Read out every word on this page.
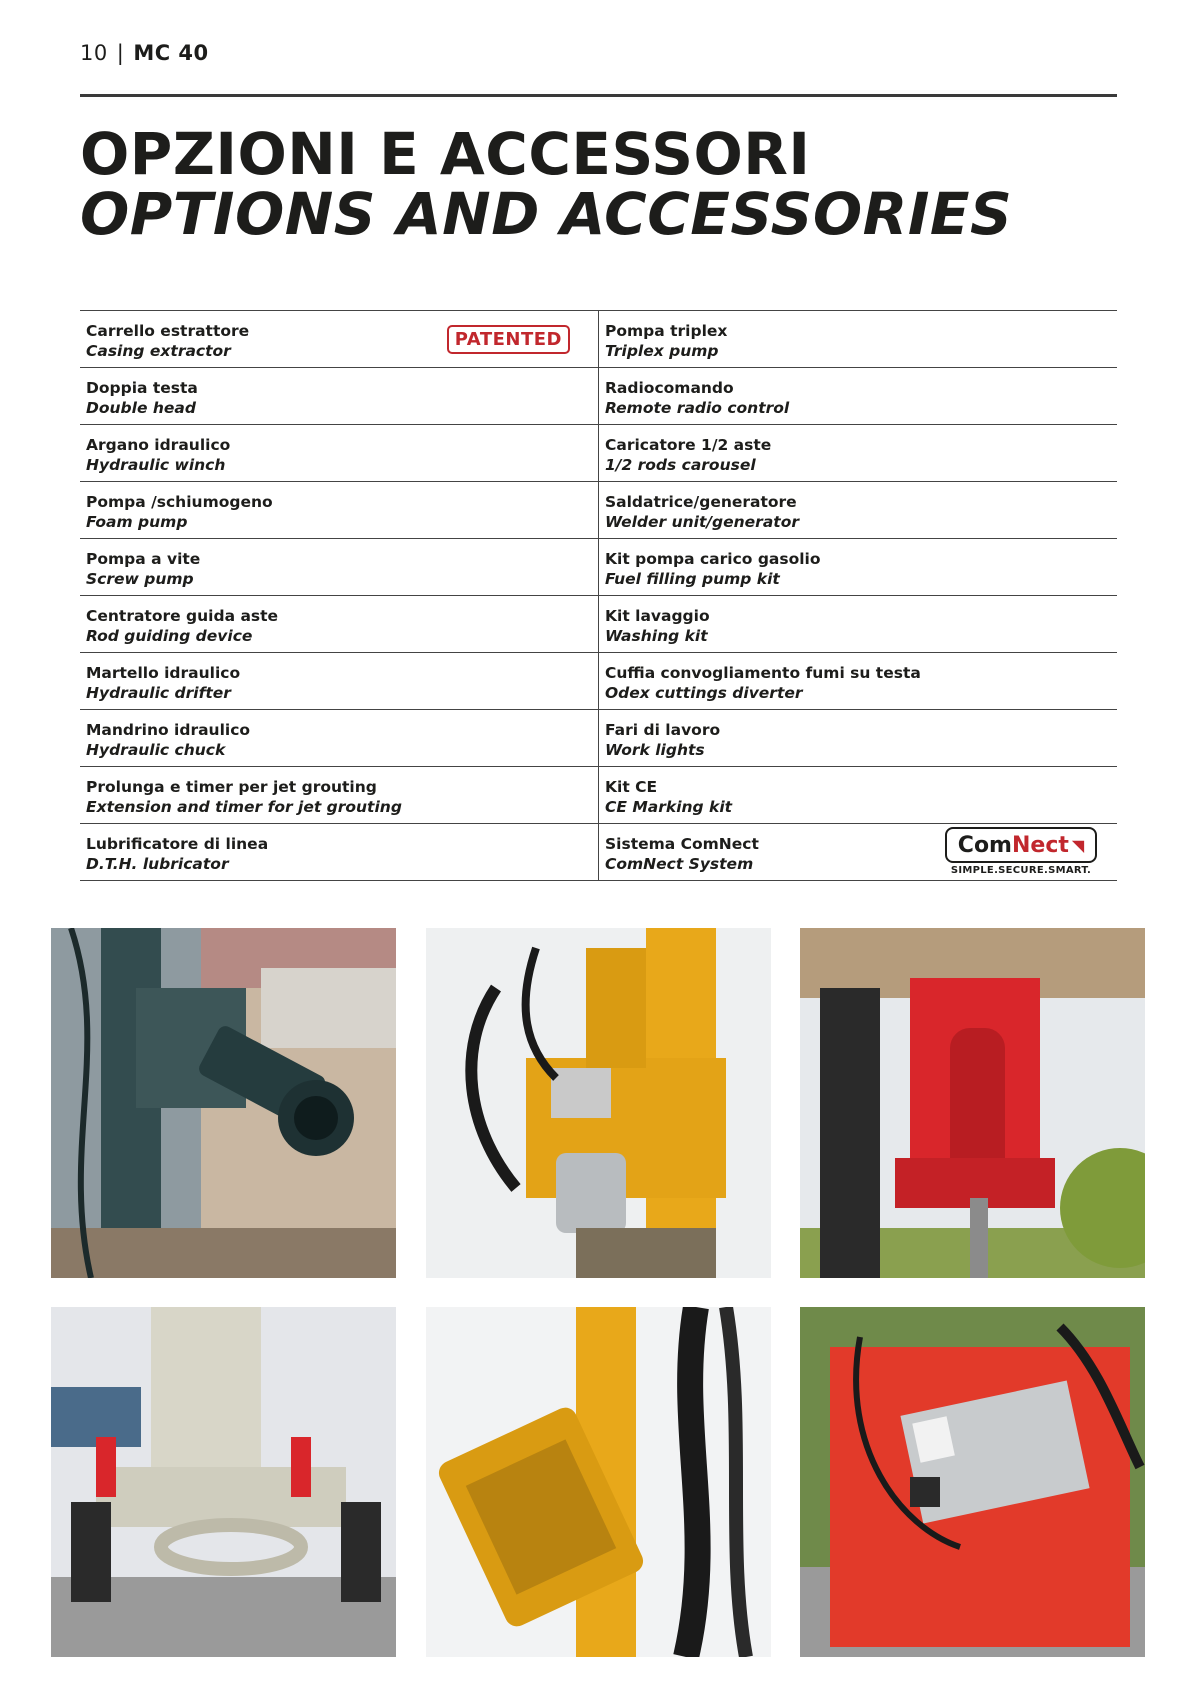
10 | MC 40
OPZIONI E ACCESSORI
OPTIONS AND ACCESSORIES
Carrello estrattore
Casing extractor
PATENTED	Pompa triplex
Triplex pump
Doppia testa
Double head
Radiocomando
Remote radio control
Argano idraulico
Hydraulic winch
Caricatore 1/2 aste
1/2 rods carousel
Pompa /schiumogeno
Foam pump
Saldatrice/generatore
Welder unit/generator
Pompa a vite
Screw pump
Kit pompa carico gasolio
Fuel filling pump kit
Centratore guida aste
Rod guiding device
Kit lavaggio
Washing kit
Martello idraulico
Hydraulic drifter
Cuffia convogliamento fumi su testa
Odex cuttings diverter
Mandrino idraulico
Hydraulic chuck
Fari di lavoro
Work lights
Prolunga e timer per jet grouting
Extension and timer for jet grouting
Kit CE
CE Marking kit
Lubrificatore di linea
D.T.H. lubricator
Sistema ComNect
ComNect System
Com Nect ◥
SIMPLE.SECURE.SMART.
